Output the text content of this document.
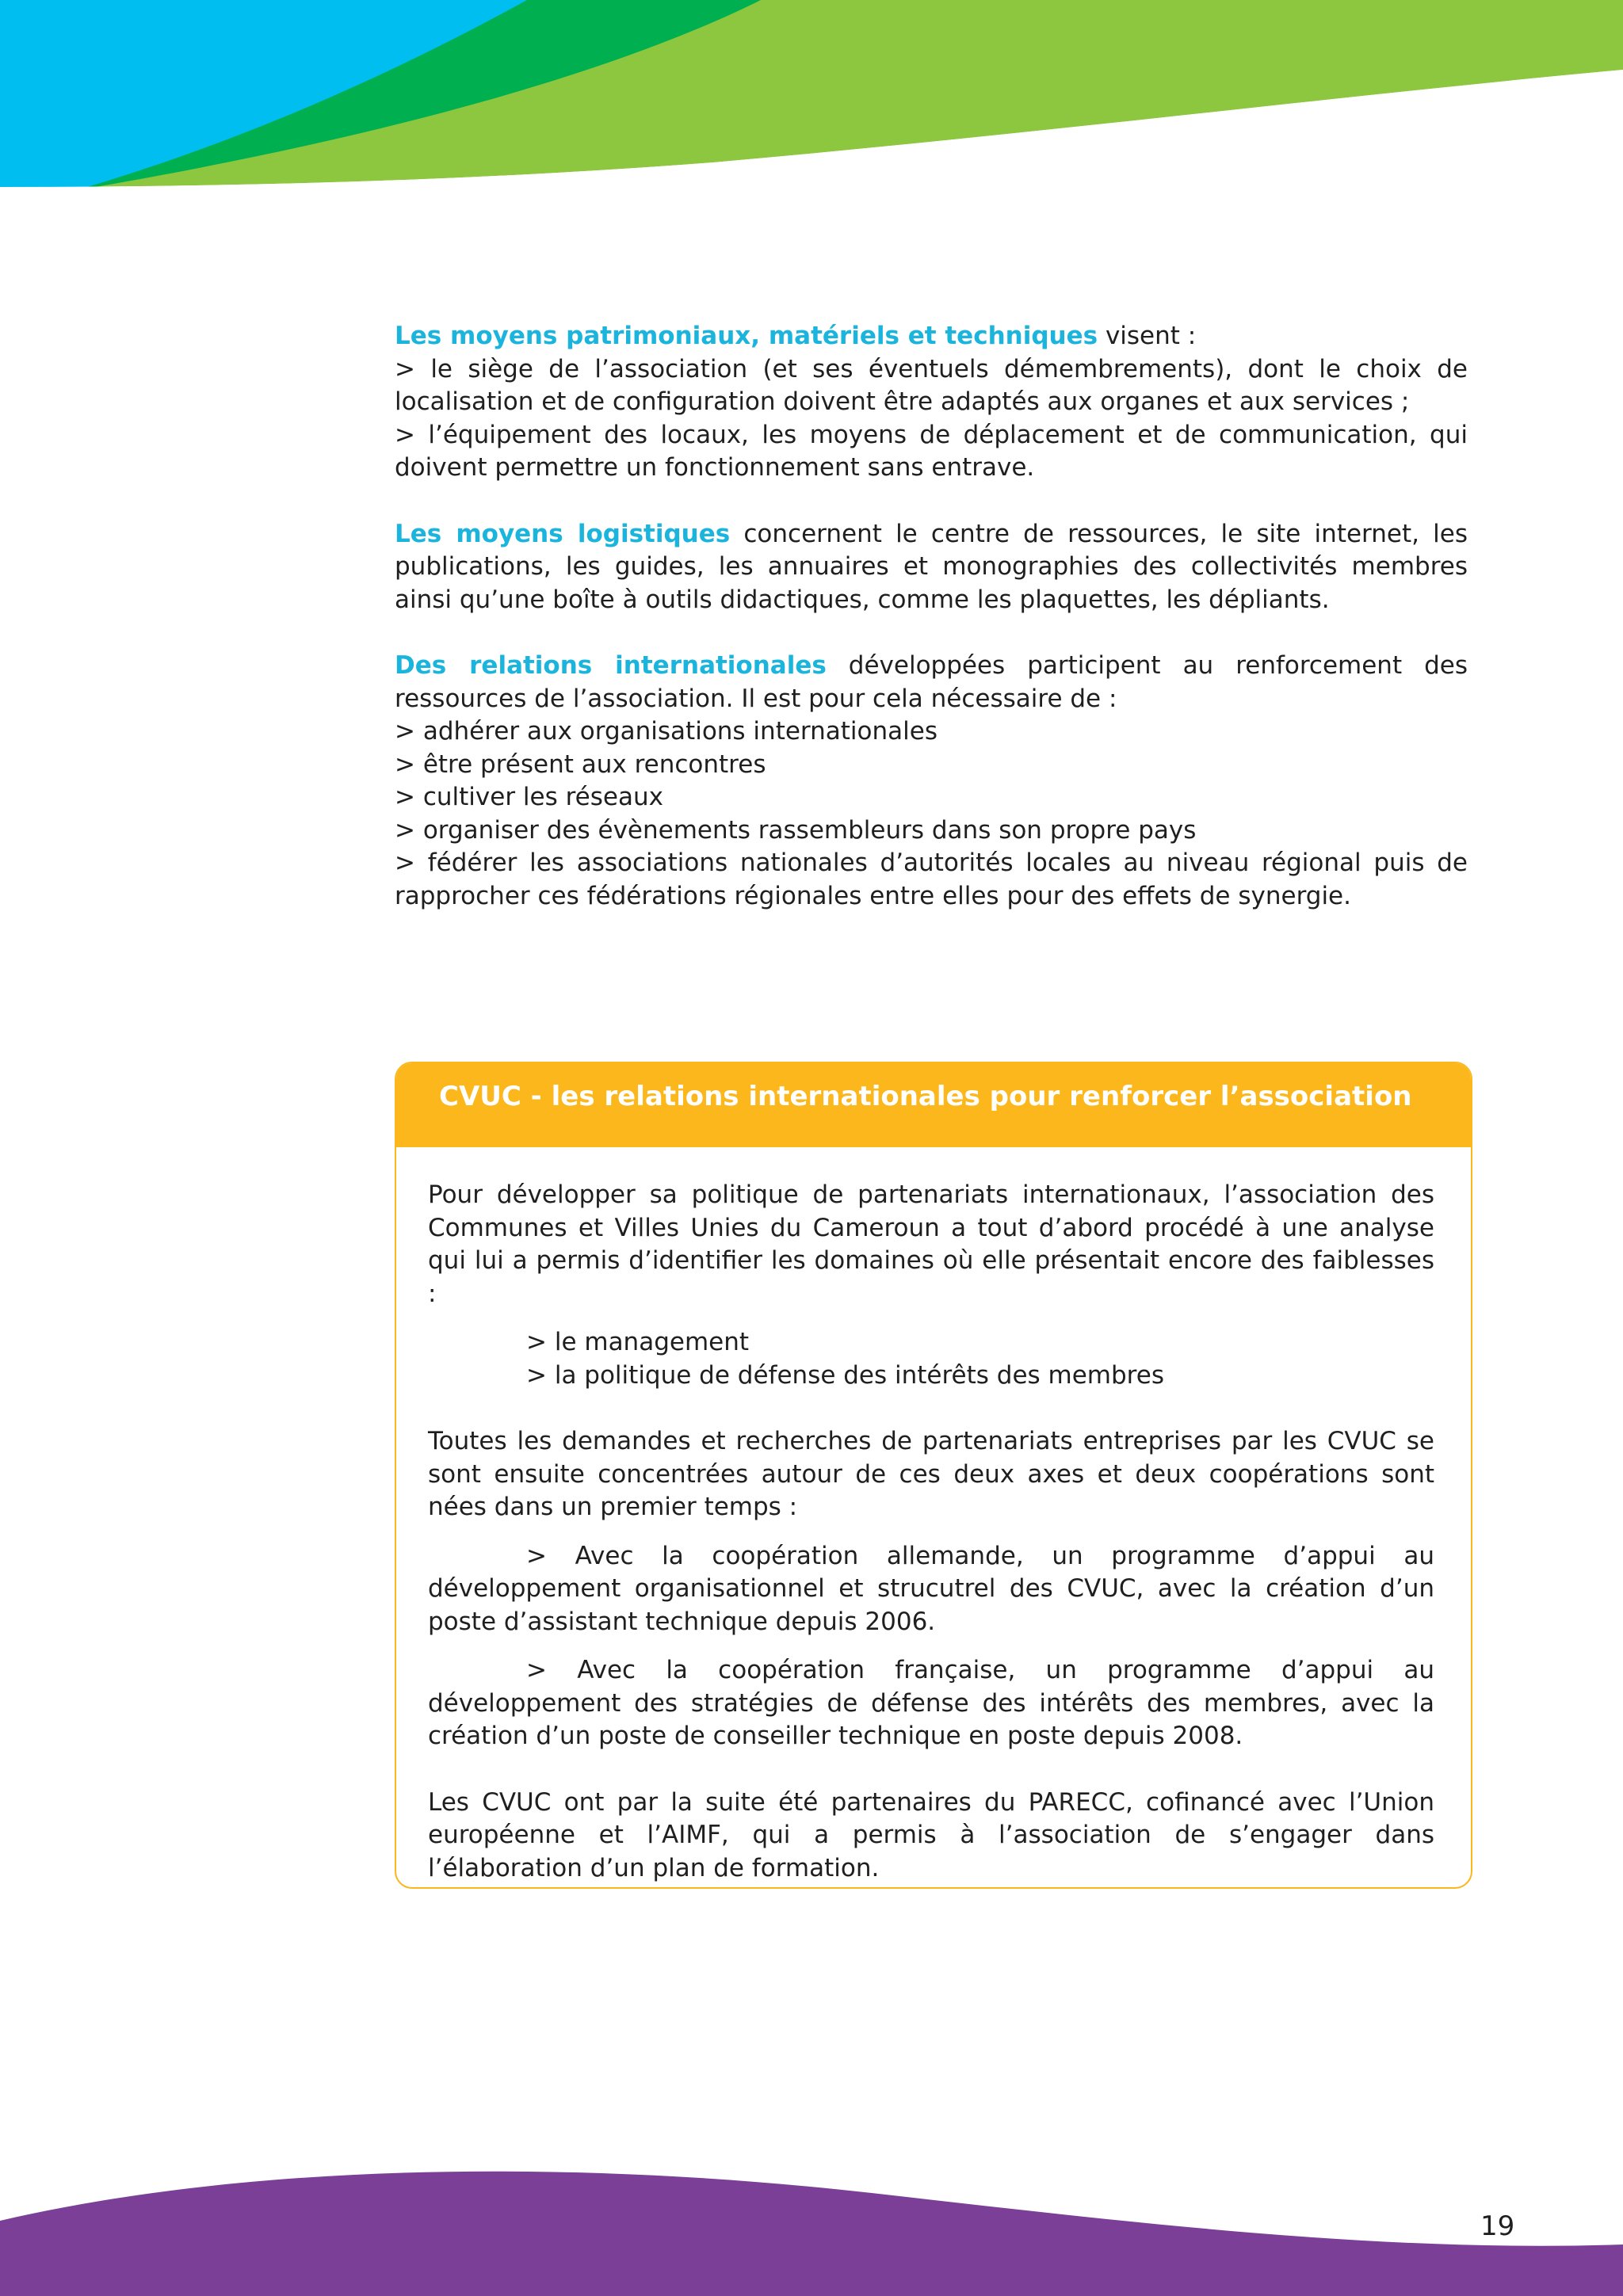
Les moyens patrimoniaux, matériels et techniques visent :
> le siège de l’association (et ses éventuels démembrements), dont le choix de localisation et de configuration doivent être adaptés aux organes et aux services ;
> l’équipement des locaux, les moyens de déplacement et de communication, qui doivent permettre un fonctionnement sans entrave.

Les moyens logistiques concernent le centre de ressources, le site internet, les publications, les guides, les annuaires et monographies des collectivités membres ainsi qu’une boîte à outils didactiques, comme les plaquettes, les dépliants.

Des relations internationales développées participent au renforcement des ressources de l’association. Il est pour cela nécessaire de :
> adhérer aux organisations internationales
> être présent aux rencontres
> cultiver les réseaux
> organiser des évènements rassembleurs dans son propre pays
> fédérer les associations nationales d’autorités locales au niveau régional puis de rapprocher ces fédérations régionales entre elles pour des effets de synergie.

CVUC - les relations internationales pour renforcer l’association

Pour développer sa politique de partenariats internationaux, l’association des Communes et Villes Unies du Cameroun a tout d’abord procédé à une analyse qui lui a permis d’identifier les domaines où elle présentait encore des faiblesses :

> le management
> la politique de défense des intérêts des membres

Toutes les demandes et recherches de partenariats entreprises par les CVUC se sont ensuite concentrées autour de ces deux axes et deux coopérations sont nées dans un premier temps :

> Avec la coopération allemande, un programme d’appui au développement organisationnel et strucutrel des CVUC, avec la création d’un poste d’assistant technique depuis 2006.

> Avec la coopération française, un programme d’appui au développement des stratégies de défense des intérêts des membres, avec la création d’un poste de conseiller technique en poste depuis 2008.

Les CVUC ont par la suite été partenaires du PARECC, cofinancé avec l’Union européenne et l’AIMF, qui a permis à l’association de s’engager dans l’élaboration d’un plan de formation.

19
